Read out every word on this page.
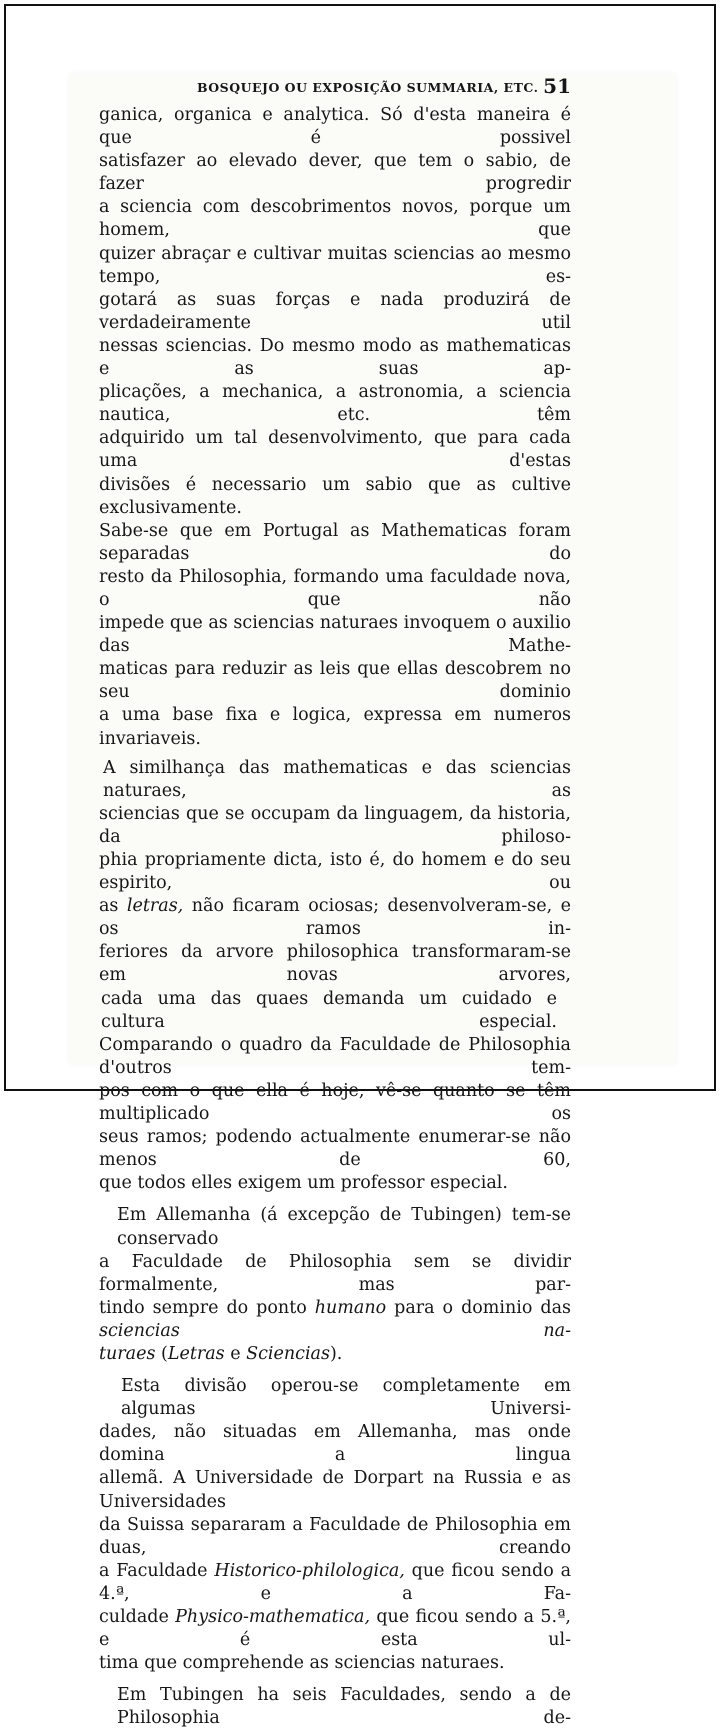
BOSQUEJO OU EXPOSIÇÃO SUMMARIA, ETC. 51

ganica, organica e analytica. Só d'esta maneira é que é possivel
satisfazer ao elevado dever, que tem o sabio, de fazer progredir
a sciencia com descobrimentos novos, porque um homem, que
quizer abraçar e cultivar muitas sciencias ao mesmo tempo, es-
gotará as suas forças e nada produzirá de verdadeiramente util
nessas sciencias. Do mesmo modo as mathematicas e as suas ap-
plicações, a mechanica, a astronomia, a sciencia nautica, etc. têm
adquirido um tal desenvolvimento, que para cada uma d'estas
divisões é necessario um sabio que as cultive exclusivamente.
Sabe-se que em Portugal as Mathematicas foram separadas do
resto da Philosophia, formando uma faculdade nova, o que não
impede que as sciencias naturaes invoquem o auxilio das Mathe-
maticas para reduzir as leis que ellas descobrem no seu dominio
a uma base fixa e logica, expressa em numeros invariaveis.

A similhança das mathematicas e das sciencias naturaes, as
sciencias que se occupam da linguagem, da historia, da philoso-
phia propriamente dicta, isto é, do homem e do seu espirito, ou
as letras, não ficaram ociosas; desenvolveram-se, e os ramos in-
feriores da arvore philosophica transformaram-se em novas arvores,
cada uma das quaes demanda um cuidado e cultura especial.
Comparando o quadro da Faculdade de Philosophia d'outros tem-
pos com o que ella é hoje, vê-se quanto se têm multiplicado os
seus ramos; podendo actualmente enumerar-se não menos de 60,
que todos elles exigem um professor especial.

Em Allemanha (á excepção de Tubingen) tem-se conservado
a Faculdade de Philosophia sem se dividir formalmente, mas par-
tindo sempre do ponto humano para o dominio das sciencias na-
turaes (Letras e Sciencias).

Esta divisão operou-se completamente em algumas Universi-
dades, não situadas em Allemanha, mas onde domina a lingua
allemã. A Universidade de Dorpart na Russia e as Universidades
da Suissa separaram a Faculdade de Philosophia em duas, creando
a Faculdade Historico-philologica, que ficou sendo a 4.ª, e a Fa-
culdade Physico-mathematica, que ficou sendo a 5.ª, e é esta ul-
tima que comprehende as sciencias naturaes.

Em Tubingen ha seis Faculdades, sendo a de Philosophia de-
